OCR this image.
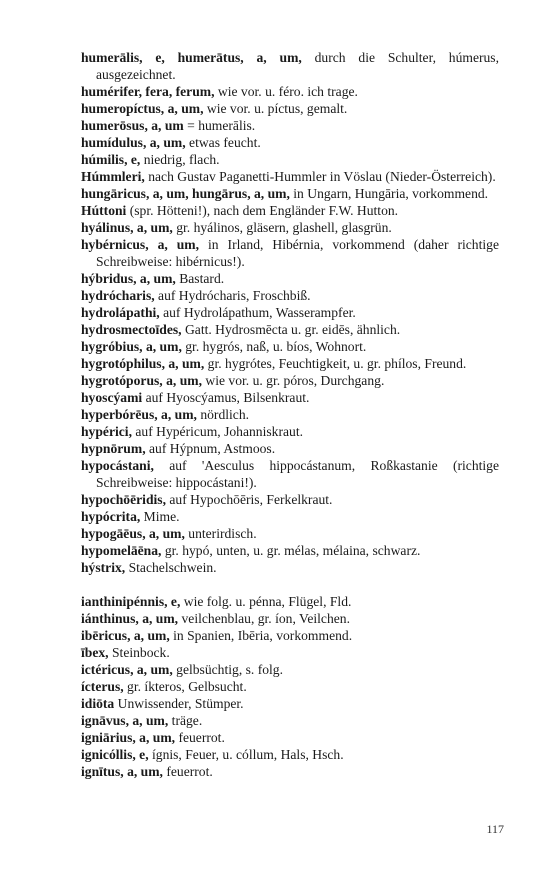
humerālis, e, humerātus, a, um, durch die Schulter, húmerus, ausgezeichnet.
humérifer, fera, ferum, wie vor. u. féro. ich trage.
humeropíctus, a, um, wie vor. u. píctus, gemalt.
humerōsus, a, um = humerālis.
humídulus, a, um, etwas feucht.
húmilis, e, niedrig, flach.
Húmmleri, nach Gustav Paganetti-Hummler in Vöslau (Nieder-Österreich).
hungāricus, a, um, hungārus, a, um, in Ungarn, Hungāria, vorkommend.
Húttoni (spr. Hötteni!), nach dem Engländer F.W. Hutton.
hyálinus, a, um, gr. hyálinos, gläsern, glashell, glasgrün.
hybérnicus, a, um, in Irland, Hibérnia, vorkommend (daher richtige Schreibweise: hibérnicus!).
hýbridus, a, um, Bastard.
hydrócharis, auf Hydrócharis, Froschbiß.
hydrolápathi, auf Hydrolápathum, Wasserampfer.
hydrosmectoīdes, Gatt. Hydrosmēcta u. gr. eidēs, ähnlich.
hygróbius, a, um, gr. hygrós, naß, u. bíos, Wohnort.
hygrotóphilus, a, um, gr. hygrótes, Feuchtigkeit, u. gr. phílos, Freund.
hygrotóporus, a, um, wie vor. u. gr. póros, Durchgang.
hyoscýami auf Hyoscýamus, Bilsenkraut.
hyperbórēus, a, um, nördlich.
hypérici, auf Hypéricum, Johanniskraut.
hypnōrum, auf Hýpnum, Astmoos.
hypocástani, auf 'Aesculus hippocástanum, Roßkastanie (richtige Schreibweise: hippocástani!).
hypochōēridis, auf Hypochōēris, Ferkelkraut.
hypócrita, Mime.
hypogāēus, a, um, unterirdisch.
hypomelāēna, gr. hypó, unten, u. gr. mélas, mélaina, schwarz.
hýstrix, Stachelschwein.
ianthinipénnis, e, wie folg. u. pénna, Flügel, Fld.
iánthinus, a, um, veilchenblau, gr. íon, Veilchen.
ibēricus, a, um, in Spanien, Ibēria, vorkommend.
ībex, Steinbock.
ictéricus, a, um, gelbsüchtig, s. folg.
ícterus, gr. íkteros, Gelbsucht.
idiōta Unwissender, Stümper.
ignāvus, a, um, träge.
igniārius, a, um, feuerrot.
ignicóllis, e, ígnis, Feuer, u. cóllum, Hals, Hsch.
ignītus, a, um, feuerrot.
117
